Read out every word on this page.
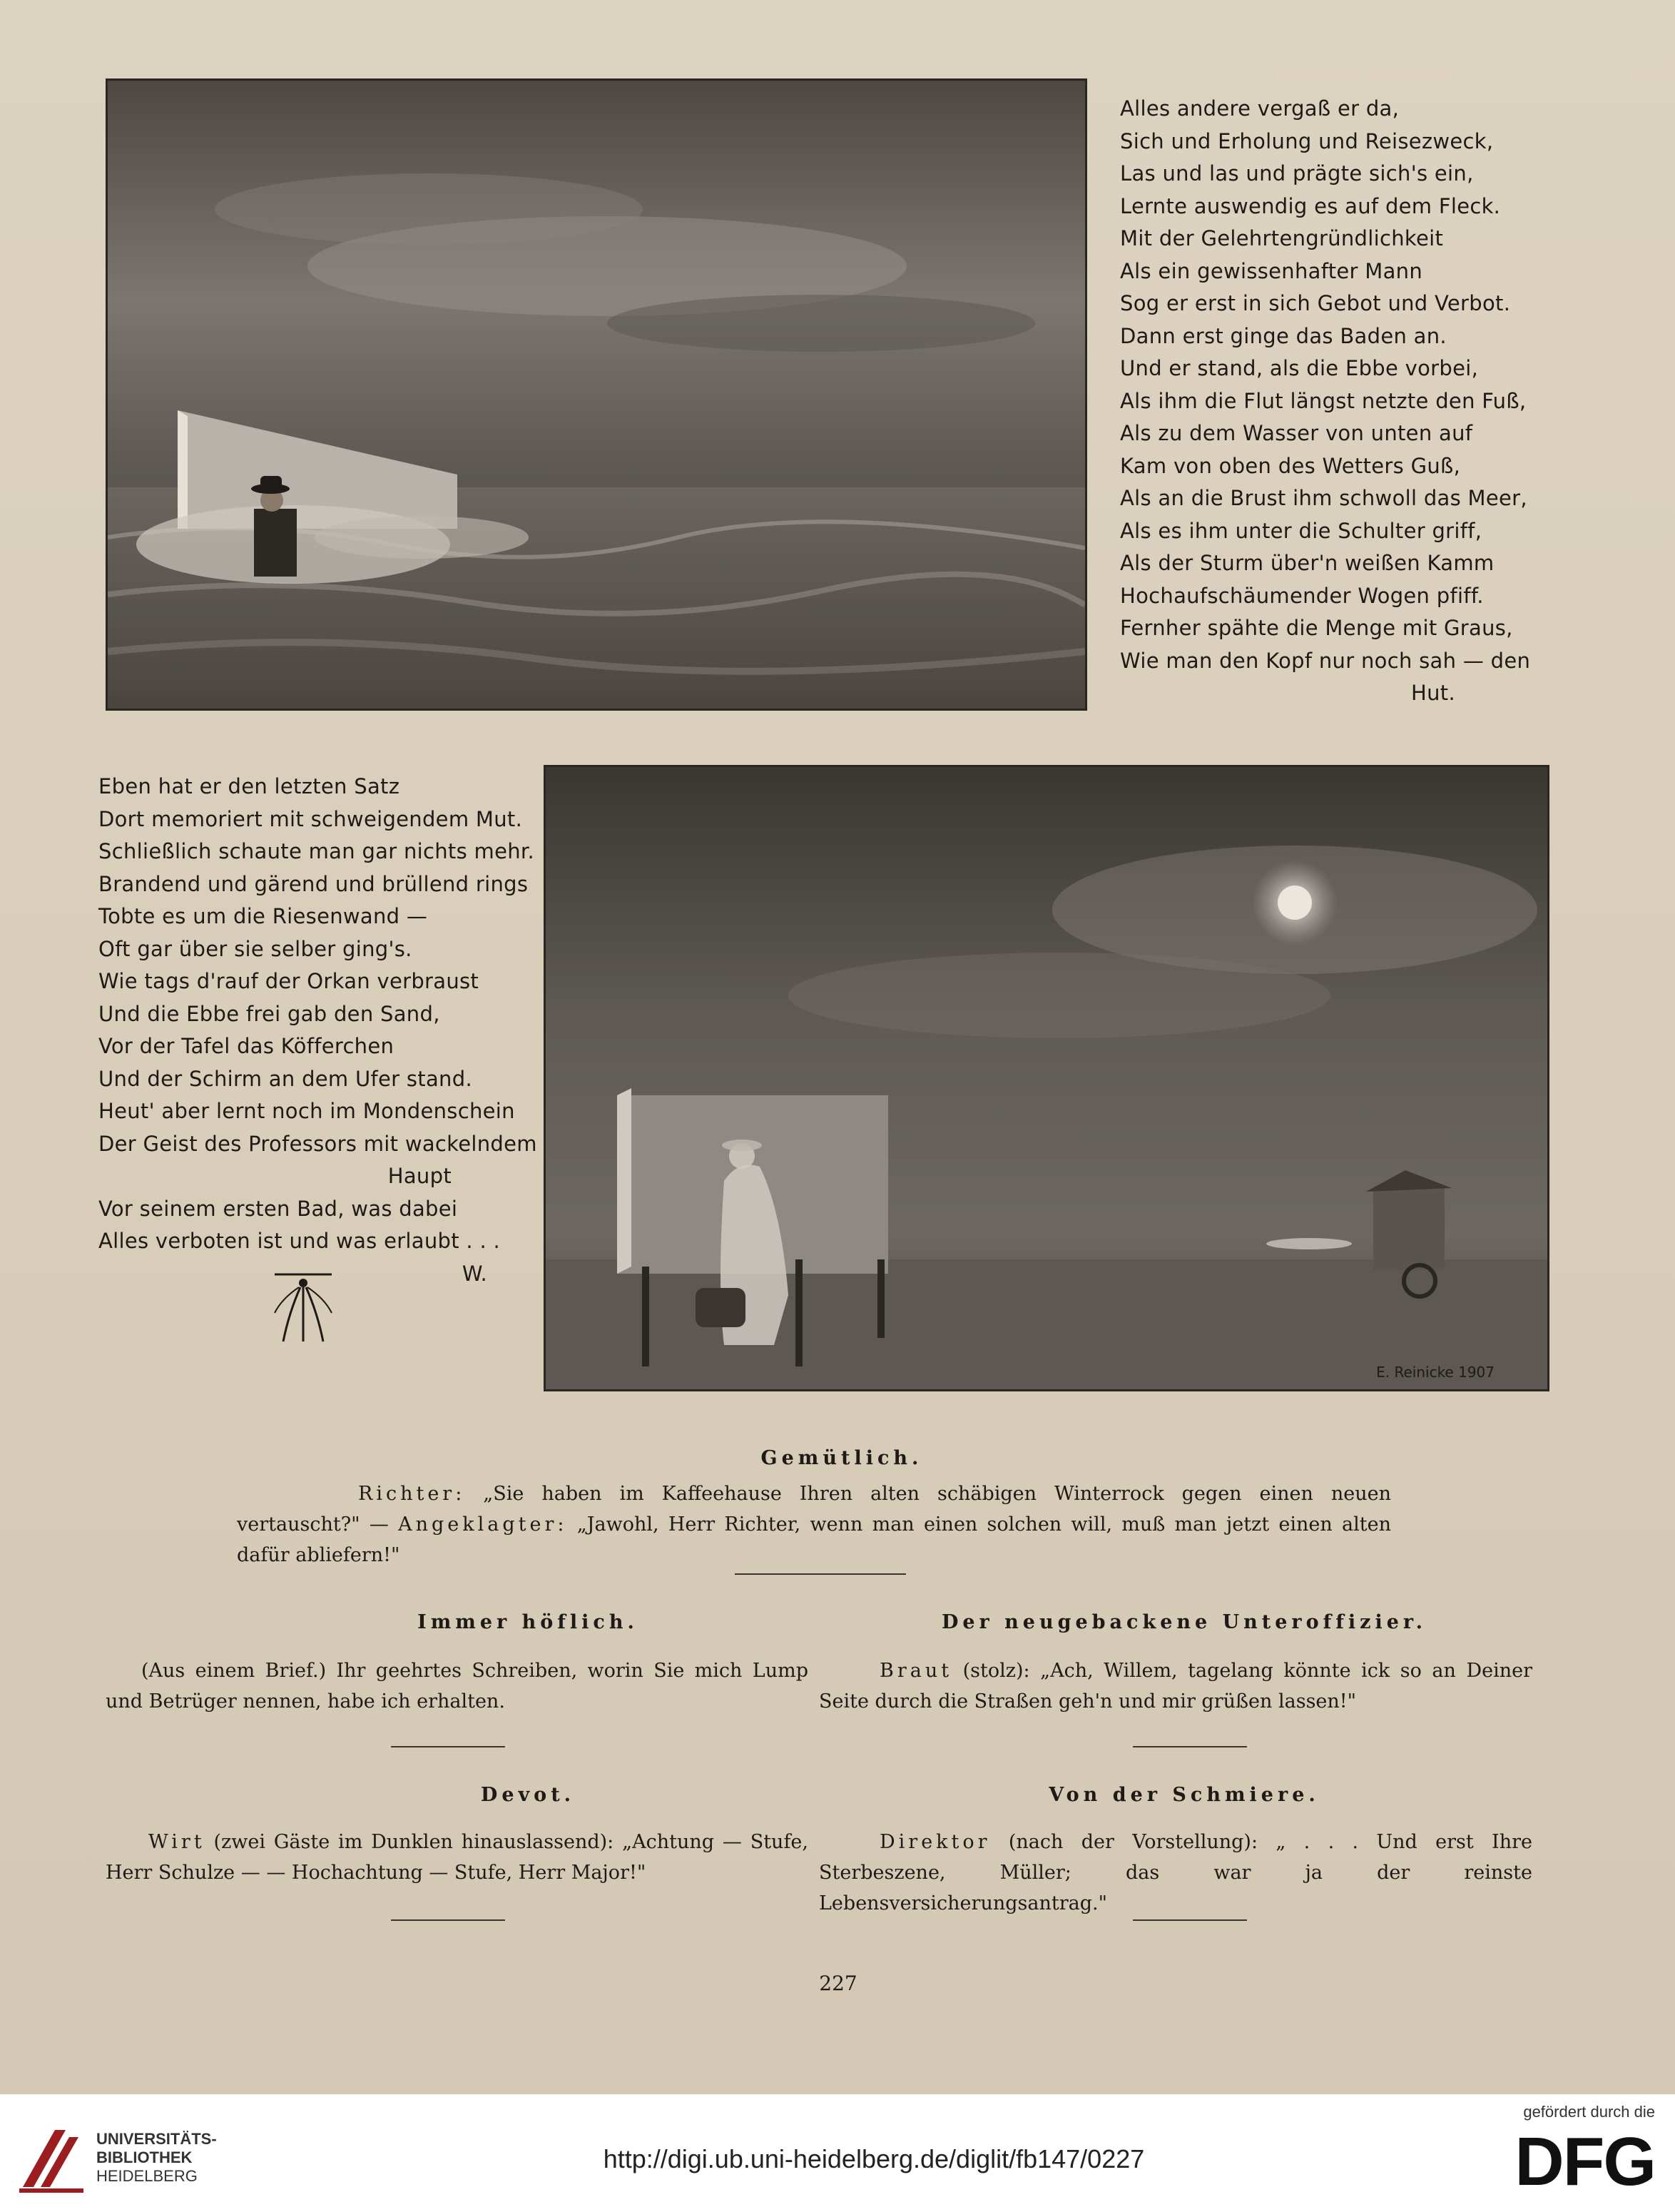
Alles andere vergaß er da,
Sich und Erholung und Reisezweck,
Las und las und prägte sich's ein,
Lernte auswendig es auf dem Fleck.
Mit der Gelehrtengründlichkeit
Als ein gewissenhafter Mann
Sog er erst in sich Gebot und Verbot.
Dann erst ginge das Baden an.
Und er stand, als die Ebbe vorbei,
Als ihm die Flut längst netzte den Fuß,
Als zu dem Wasser von unten auf
Kam von oben des Wetters Guß,
Als an die Brust ihm schwoll das Meer,
Als es ihm unter die Schulter griff,
Als der Sturm über'n weißen Kamm
Hochaufschäumender Wogen pfiff.
Fernher spähte die Menge mit Graus,
Wie man den Kopf nur noch sah — den
Hut.
Eben hat er den letzten Satz
Dort memoriert mit schweigendem Mut.
Schließlich schaute man gar nichts mehr.
Brandend und gärend und brüllend rings
Tobte es um die Riesenwand —
Oft gar über sie selber ging's.
Wie tags d'rauf der Orkan verbraust
Und die Ebbe frei gab den Sand,
Vor der Tafel das Köfferchen
Und der Schirm an dem Ufer stand.
Heut' aber lernt noch im Mondenschein
Der Geist des Professors mit wackelndem
Haupt
Vor seinem ersten Bad, was dabei
Alles verboten ist und was erlaubt . . .
W.
E. Reinicke 1907
Gemütlich.
Richter: „Sie haben im Kaffeehause Ihren alten schäbigen Winterrock gegen einen neuen vertauscht?" — Angeklagter: „Jawohl, Herr Richter, wenn man einen solchen will, muß man jetzt einen alten dafür abliefern!"
Immer höflich.
(Aus einem Brief.) Ihr geehrtes Schreiben, worin Sie mich Lump und Betrüger nennen, habe ich erhalten.
Der neugebackene Unteroffizier.
Braut (stolz): „Ach, Willem, tagelang könnte ick so an Deiner Seite durch die Straßen geh'n und mir grüßen lassen!"
Devot.
Wirt (zwei Gäste im Dunklen hinauslassend): „Achtung — Stufe, Herr Schulze — — Hochachtung — Stufe, Herr Major!"
Von der Schmiere.
Direktor (nach der Vorstellung): „ . . . Und erst Ihre Sterbeszene, Müller; das war ja der reinste Lebensversicherungsantrag."
227
UNIVERSITÄTS-
BIBLIOTHEK
HEIDELBERG
http://digi.ub.uni-heidelberg.de/diglit/fb147/0227
gefördert durch die
DFG
